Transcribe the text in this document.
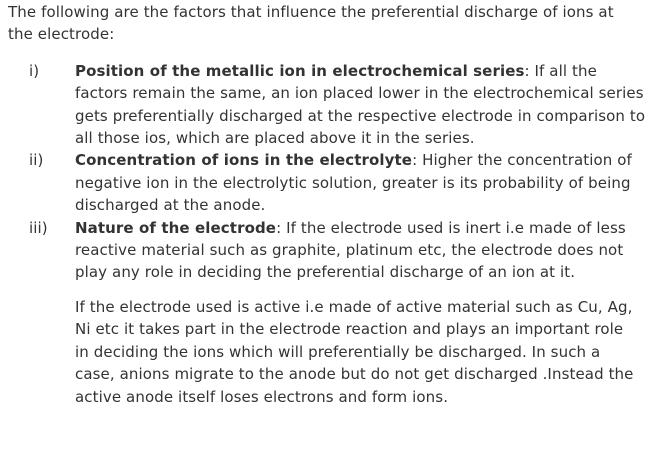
The following are the factors that influence the preferential discharge of ions at the electrode:
i)	Position of the metallic ion in electrochemical series: If all the factors remain the same, an ion placed lower in the electrochemical series gets preferentially discharged at the respective electrode in comparison to all those ios, which are placed above it in the series.
ii)	Concentration of ions in the electrolyte: Higher the concentration of negative ion in the electrolytic solution, greater is its probability of being discharged at the anode.
iii)	Nature of the electrode: If the electrode used is inert i.e made of less reactive material such as graphite, platinum etc, the electrode does not play any role in deciding the preferential discharge of an ion at it.
If the electrode used is active i.e made of active material such as Cu, Ag, Ni etc it takes part in the electrode reaction and plays an important role in deciding the ions which will preferentially be discharged. In such a case, anions migrate to the anode but do not get discharged .Instead the active anode itself loses electrons and form ions.
